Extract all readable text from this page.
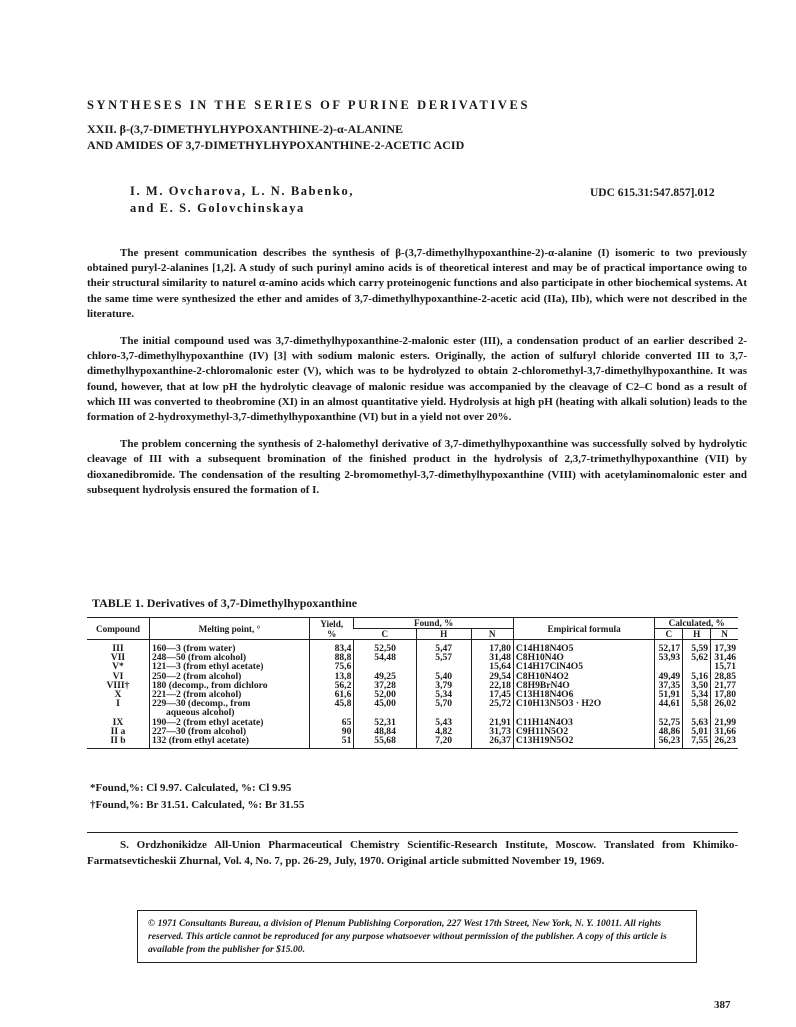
SYNTHESES IN THE SERIES OF PURINE DERIVATIVES
XXII. β-(3,7-DIMETHYLHYPOXANTHINE-2)-α-ALANINE
AND AMIDES OF 3,7-DIMETHYLHYPOXANTHINE-2-ACETIC ACID
I. M. Ovcharova, L. N. Babenko,
and E. S. Golovchinskaya
UDC 615.31:547.857].012

The present communication describes the synthesis of β-(3,7-dimethylhypoxanthine-2)-α-alanine (I) isomeric to two previously obtained puryl-2-alanines [1,2]. A study of such purinyl amino acids is of theoretical interest and may be of practical importance owing to their structural similarity to naturel α-amino acids which carry proteinogenic functions and also participate in other biochemical systems. At the same time were synthesized the ether and amides of 3,7-dimethylhypoxanthine-2-acetic acid (IIa), IIb), which were not described in the literature.

The initial compound used was 3,7-dimethylhypoxanthine-2-malonic ester (III), a condensation product of an earlier described 2-chloro-3,7-dimethylhypoxanthine (IV) [3] with sodium malonic esters. Originally, the action of sulfuryl chloride converted III to 3,7-dimethylhypoxanthine-2-chloromalonic ester (V), which was to be hydrolyzed to obtain 2-chloromethyl-3,7-dimethylhypoxanthine. It was found, however, that at low pH the hydrolytic cleavage of malonic residue was accompanied by the cleavage of C2–C bond as a result of which III was converted to theobromine (XI) in an almost quantitative yield. Hydrolysis at high pH (heating with alkali solution) leads to the formation of 2-hydroxymethyl-3,7-dimethylhypoxanthine (VI) but in a yield not over 20%.

The problem concerning the synthesis of 2-halomethyl derivative of 3,7-dimethylhypoxanthine was successfully solved by hydrolytic cleavage of III with a subsequent bromination of the finished product in the hydrolysis of 2,3,7-trimethylhypoxanthine (VII) by dioxanedibromide. The condensation of the resulting 2-bromomethyl-3,7-dimethylhypoxanthine (VIII) with acetylaminomalonic ester and subsequent hydrolysis ensured the formation of I.

TABLE 1. Derivatives of 3,7-Dimethylhypoxanthine
Compound	Melting point, °	Yield,
%	Found, %			Empirical formula	Calculated, %		
			C	H	N		C	H	N
III	160—3 (from water)	83,4	52,50	5,47	17,80	C14H18N4O5	52,17	5,59	17,39
VII	248—50 (from alcohol)	88,8	54,48	5,57	31,48	C8H10N4O	53,93	5,62	31,46
V*	121—3 (from ethyl acetate)	75,6			15,64	C14H17ClN4O5			15,71
VI	250—2 (from alcohol)	13,8	49,25	5,40	29,54	C8H10N4O2	49,49	5,16	28,85
VIII†	180 (decomp., from dichloro	56,2	37,28	3,79	22,18	C8H9BrN4O	37,35	3,50	21,77
X	221—2 (from alcohol)	61,6	52,00	5,34	17,45	C13H18N4O6	51,91	5,34	17,80
I	229—30 (decomp., from	45,8	45,00	5,70	25,72	C10H13N5O3 · H2O	44,61	5,58	26,02
	aqueous alcohol)								
IX	190—2 (from ethyl acetate)	65	52,31	5,43	21,91	C11H14N4O3	52,75	5,63	21,99
II a	227—30 (from alcohol)	90	48,84	4,82	31,73	C9H11N5O2	48,86	5,01	31,66
II b	132 (from ethyl acetate)	51	55,68	7,20	26,37	C13H19N5O2	56,23	7,55	26,23
*Found,%: Cl 9.97. Calculated, %: Cl 9.95
†Found,%: Br 31.51. Calculated, %: Br 31.55
S. Ordzhonikidze All-Union Pharmaceutical Chemistry Scientific-Research Institute, Moscow. Translated from Khimiko-Farmatsevticheskii Zhurnal, Vol. 4, No. 7, pp. 26-29, July, 1970. Original article submitted November 19, 1969.
© 1971 Consultants Bureau, a division of Plenum Publishing Corporation, 227 West 17th Street, New York, N. Y. 10011. All rights reserved. This article cannot be reproduced for any purpose whatsoever without permission of the publisher. A copy of this article is available from the publisher for $15.00.
387
